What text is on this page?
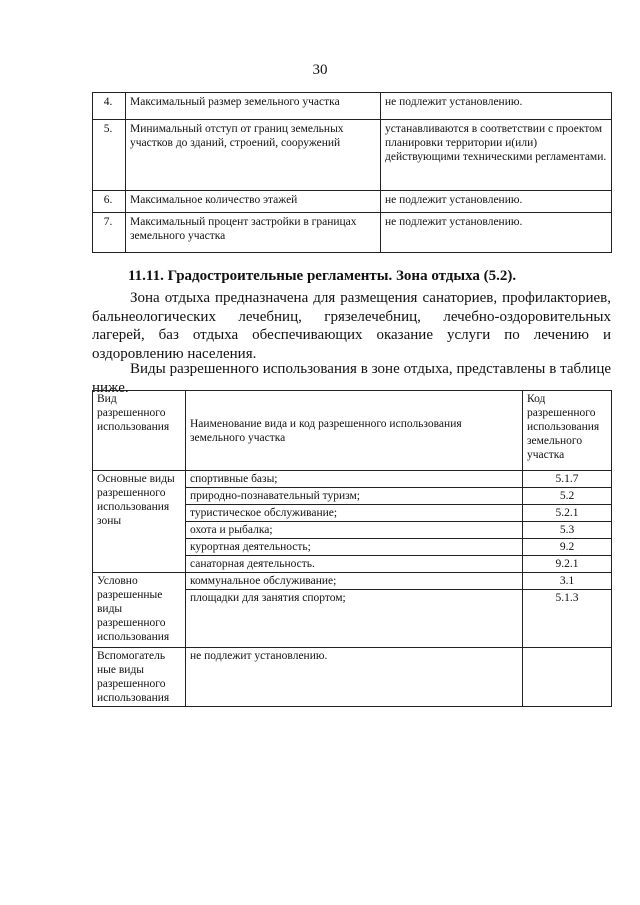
30
4.	Максимальный размер земельного участка	не подлежит установлению.
5.	Минимальный отступ от границ земельных участков до зданий, строений, сооружений	устанавливаются в соответствии с проектом планировки территории и(или) действующими техническими регламентами.
6.	Максимальное количество этажей	не подлежит установлению.
7.	Максимальный процент застройки в границах земельного участка	не подлежит установлению.
11.11. Градостроительные регламенты. Зона отдыха (5.2).
Зона отдыха предназначена для размещения санаториев, профилакториев, бальнеологических лечебниц, грязелечебниц, лечебно-оздоровительных лагерей, баз отдыха обеспечивающих оказание услуги по лечению и оздоровлению населения.
Виды разрешенного использования в зоне отдыха, представлены в таблице ниже.
Вид разрешенного использования	Наименование вида и код разрешенного использования земельного участка	Код разрешенного использования земельного участка
Основные виды разрешенного использования зоны	спортивные базы;	5.1.7
	природно-познавательный туризм;	5.2
	туристическое обслуживание;	5.2.1
	охота и рыбалка;	5.3
	курортная деятельность;	9.2
	санаторная деятельность.	9.2.1
Условно разрешенные виды разрешенного использования	коммунальное обслуживание;	3.1
	площадки для занятия спортом;	5.1.3
Вспомогатель ные виды разрешенного использования	не подлежит установлению.	
